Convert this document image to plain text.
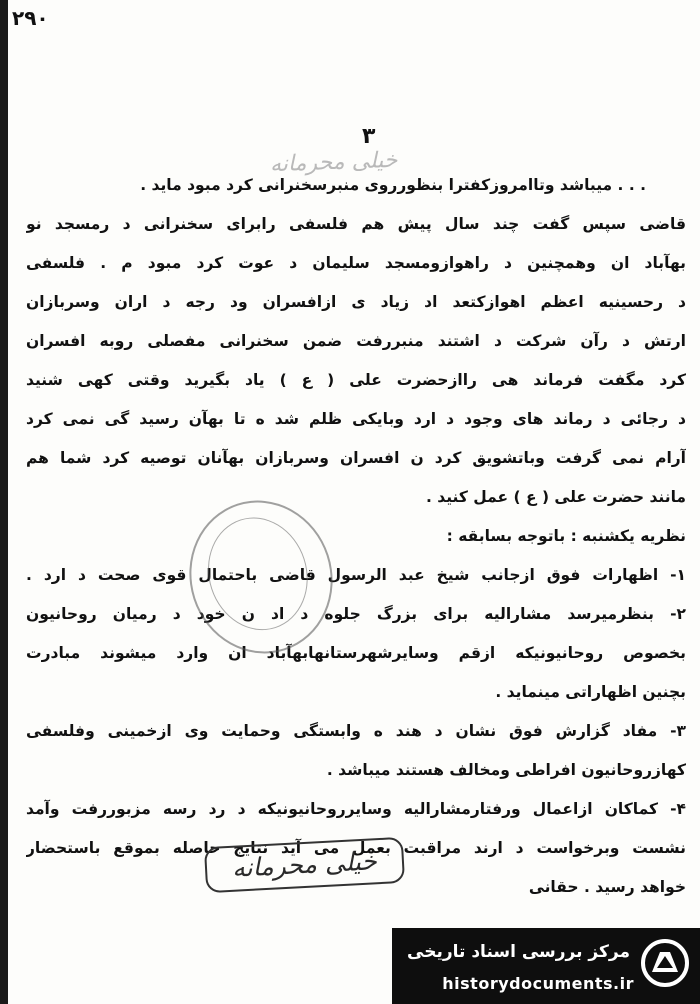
۲۹۰
۳
خیلی محرمانه
. . . میباشد وتاامروزکفترا بنظورروی منبرسخنرانی کرد مبود ماید .
قاضی سپس گفت چند سال پیش هم فلسفی رابرای سخنرانی د رمسجد نو
بهآباد ان وهمچنین د راهوازومسجد سلیمان د عوت کرد مبود م . فلسفی
د رحسینیه اعظم اهوازکتعد اد زیاد ی ازافسران ود رجه د اران وسربازان
ارتش د رآن شرکت د اشتند منبررفت ضمن سخنرانی مفصلی روبه افسران
کرد مگفت فرماند هی راازحضرت علی ( ع ) یاد بگیرید وقتی کهی شنید
د رجائی د رماند های وجود د ارد وبایکی ظلم شد ه تا بهآن رسید گی نمی کرد
آرام نمی گرفت وباتشویق کرد ن افسران وسربازان بهآنان توصیه کرد شما هم
مانند حضرت علی ( ع ) عمل کنید .
نظریه یکشنبه : باتوجه بسابقه :
۱- اظهارات فوق ازجانب شیخ عبد الرسول قاضی باحتمال قوی صحت د ارد .
۲- بنظرمیرسد مشارالیه برای بزرگ جلوه د اد ن خود د رمیان روحانیون
بخصوص روحانیونیکه ازقم وسایرشهرستانهابهآباد ان وارد میشوند مبادرت
بچنین اظهاراتی مینماید .
۳- مفاد گزارش فوق نشان د هند ه وابستگی وحمایت وی ازخمینی وفلسفی
کهازروحانیون افراطی ومخالف هستند میباشد .
۴- کماکان ازاعمال ورفتارمشارالیه وسایرروحانیونیکه د رد رسه مزبوررفت وآمد
نشست وبرخواست د ارند مراقبت بعمل می آید نتایج حاصله بموقع باستحضار
خواهد رسید . حقانی
خیلی محرمانه
مرکز بررسی اسناد تاریخی
historydocuments.ir
